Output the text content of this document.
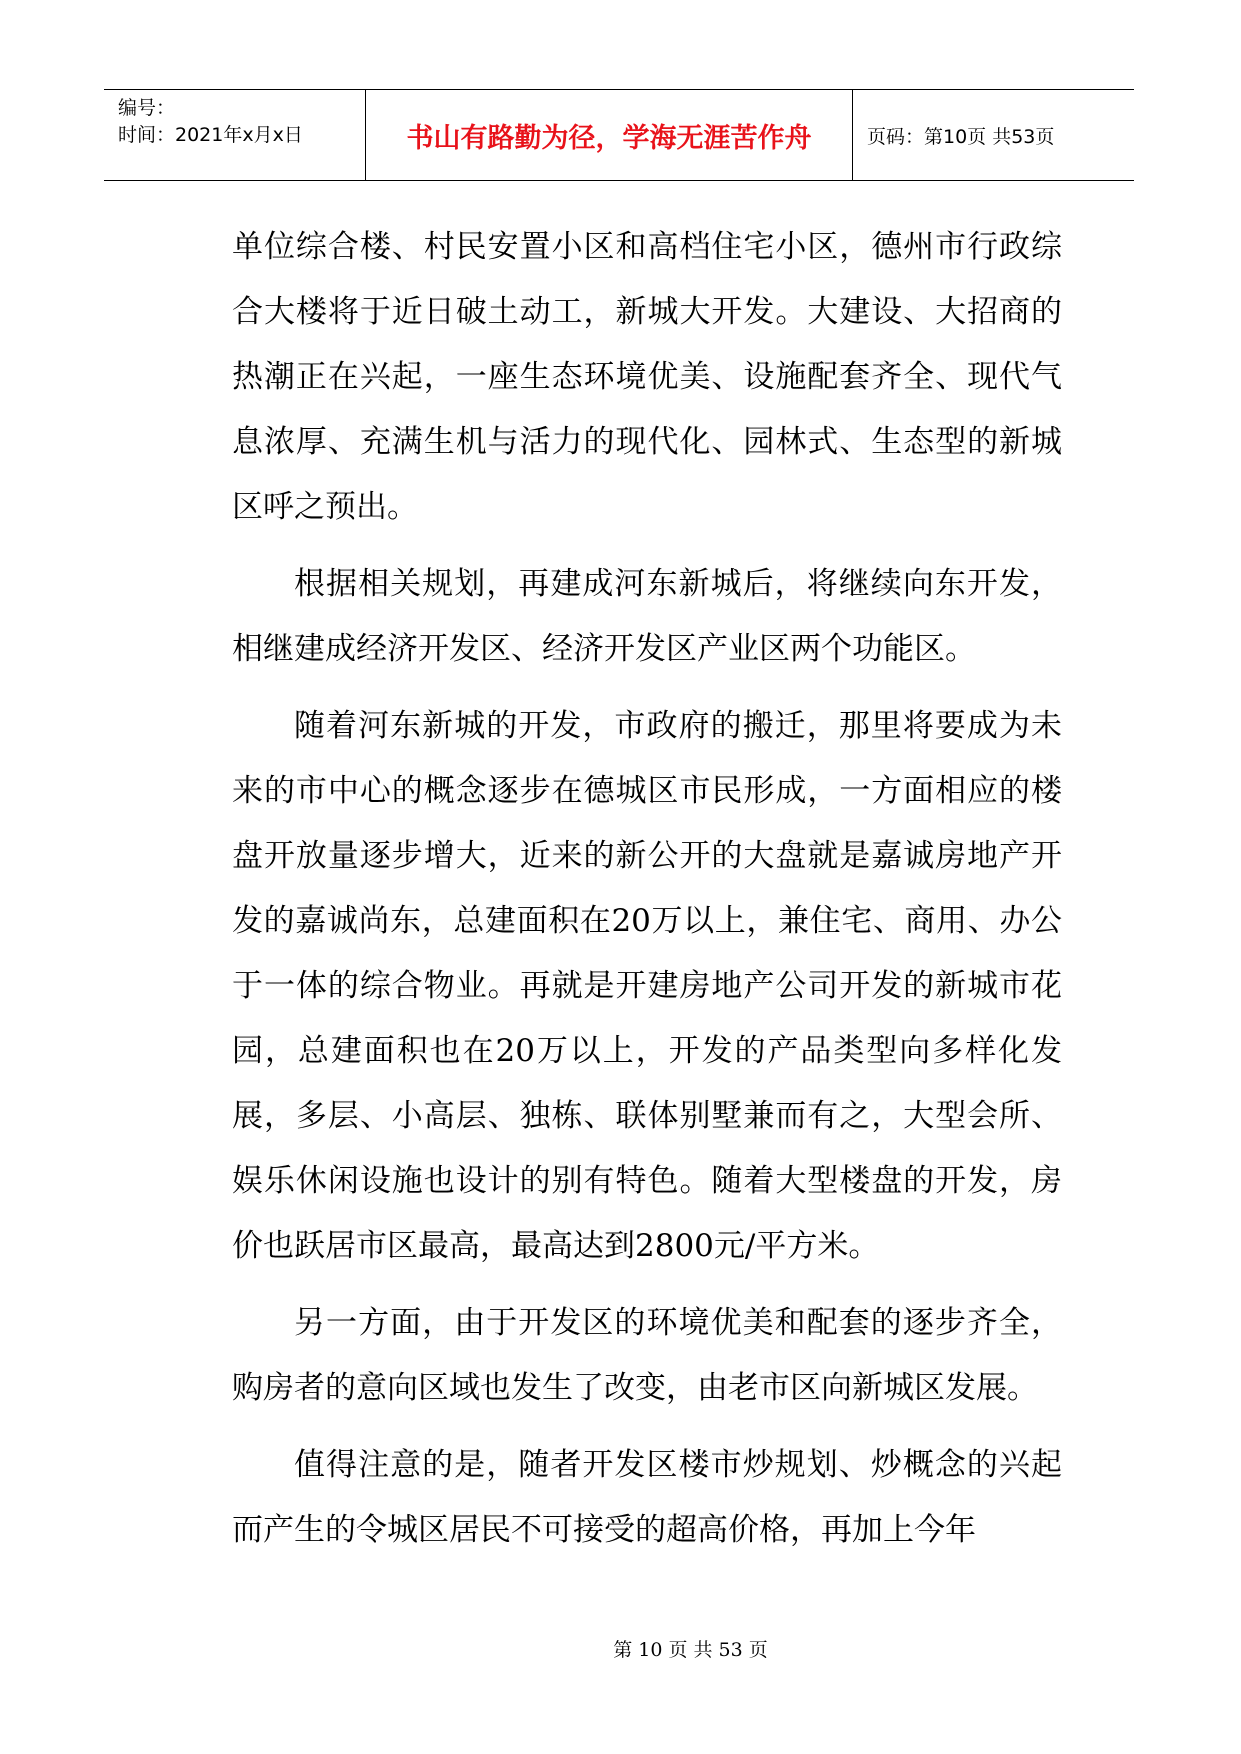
编号：
时间：2021年x月x日	书山有路勤为径，学海无涯苦作舟	页码：第10页 共53页

单位综合楼、村民安置小区和高档住宅小区，德州市行政综合大楼将于近日破土动工，新城大开发。大建设、大招商的热潮正在兴起，一座生态环境优美、设施配套齐全、现代气息浓厚、充满生机与活力的现代化、园林式、生态型的新城区呼之预出。

根据相关规划，再建成河东新城后，将继续向东开发，相继建成经济开发区、经济开发区产业区两个功能区。

随着河东新城的开发，市政府的搬迁，那里将要成为未来的市中心的概念逐步在德城区市民形成，一方面相应的楼盘开放量逐步增大，近来的新公开的大盘就是嘉诚房地产开发的嘉诚尚东，总建面积在20万以上，兼住宅、商用、办公于一体的综合物业。再就是开建房地产公司开发的新城市花园，总建面积也在20万以上，开发的产品类型向多样化发展，多层、小高层、独栋、联体别墅兼而有之，大型会所、娱乐休闲设施也设计的别有特色。随着大型楼盘的开发，房价也跃居市区最高，最高达到2800元/平方米。

另一方面，由于开发区的环境优美和配套的逐步齐全，购房者的意向区域也发生了改变，由老市区向新城区发展。

值得注意的是，随者开发区楼市炒规划、炒概念的兴起而产生的令城区居民不可接受的超高价格，再加上今年

第 10 页 共 53 页
